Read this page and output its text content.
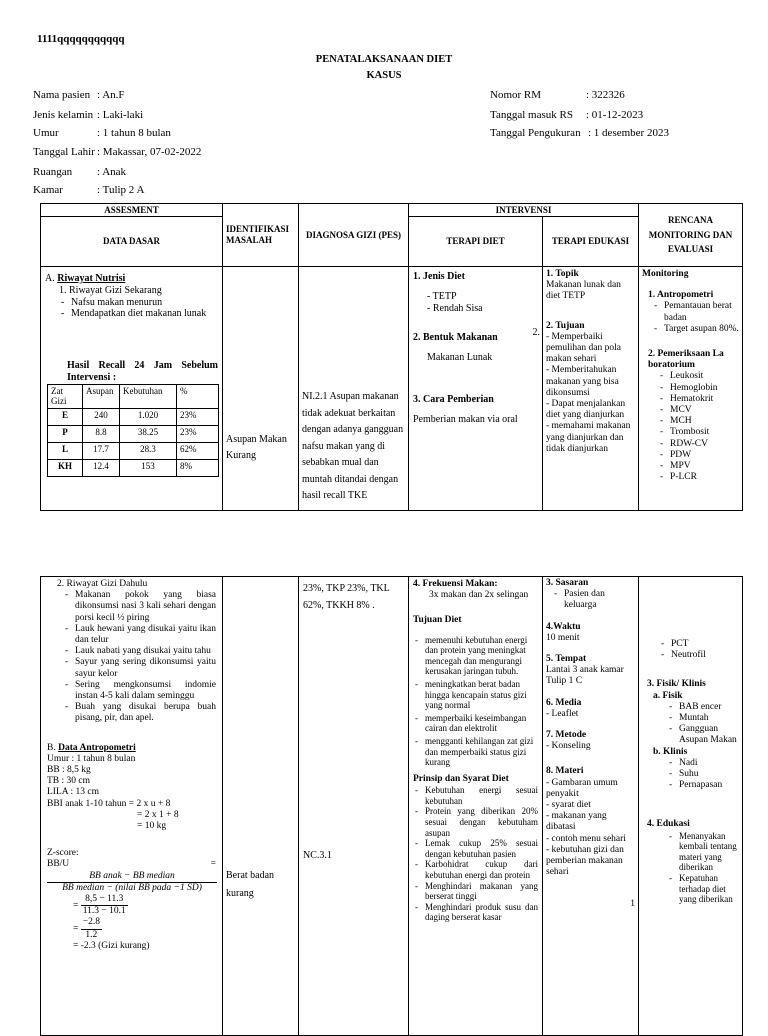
1111qqqqqqqqqqq
PENATALAKSANAAN DIET
KASUS
Nama pasien : An.F
Jenis kelamin : Laki-laki
Umur	: 1 tahun 8 bulan
Tanggal Lahir : Makassar, 07-02-2022
Ruangan : Anak
Kamar	: Tulip 2 A
Nomor RM	: 322326
Tanggal masuk RS : 01-12-2023
Tanggal Pengukuran : 1 desember 2023
ASSESMENT
DATA DASAR
IDENTIFIKASI MASALAH
DIAGNOSA GIZI (PES)
INTERVENSI
TERAPI DIET	TERAPI EDUKASI
RENCANA MONITORING DAN EVALUASI
A. Riwayat Nutrisi
1. Riwayat Gizi Sekarang
- Nafsu makan menurun
- Mendapatkan diet makanan lunak
Hasil Recall 24 Jam Sebelum Intervensi :
Zat Gizi	Asupan	Kebutuhan	%
E	240	1.020	23%
P	8.8	38.25	23%
L	17.7	28.3	62%
KH	12.4	153	8%
Asupan Makan Kurang
NI.2.1 Asupan makanan tidak adekuat berkaitan dengan adanya gangguan nafsu makan yang di sebabkan mual dan muntah ditandai dengan hasil recall TKE
1. Jenis Diet
- TETP
- Rendah Sisa
2.
2. Bentuk Makanan
Makanan Lunak
3. Cara Pemberian
Pemberian makan via oral
1. Topik
Makanan lunak dan diet TETP
2. Tujuan
- Memperbaiki pemulihan dan pola makan sehari
- Memberitahukan makanan yang bisa dikonsumsi
- Dapat menjalankan diet yang dianjurkan
- memahami makanan yang dianjurkan dan tidak dianjurkan
Monitoring
1. Antropometri
- Pemantauan berat badan
- Target asupan 80%.
2. Pemeriksaan La boratorium
- Leukosit
- Hemoglobin
- Hematokrit
- MCV
- MCH
- Trombosit
- RDW-CV
- PDW
- MPV
- P-LCR
2. Riwayat Gizi Dahulu
- Makanan pokok yang biasa dikonsumsi nasi 3 kali sehari dengan porsi kecil ½ piring
- Lauk hewani yang disukai yaitu ikan dan telur
- Lauk nabati yang disukai yaitu tahu
- Sayur yang sering dikonsumsi yaitu sayur kelor
- Sering mengkonsumsi indomie instan 4-5 kali dalam seminggu
- Buah yang disukai berupa buah pisang, pir, dan apel.
B. Data Antropometri
Umur : 1 tahun 8 bulan
BB : 8,5 kg
TB : 30 cm
LILA : 13 cm
BBI anak 1-10 tahun = 2 x u + 8
= 2 x 1 + 8
= 10 kg
Z-score:
BB/U	=
$\frac{\text{BB anak − BB median}}{\text{BB median − (nilai BB pada −1 SD)}}$
= $\frac{8,5 - 11.3}{11.3 - 10.1}$
= $\frac{-2.8}{1.2}$
= -2.3 (Gizi kurang)
Berat badan kurang
23%, TKP 23%, TKL 62%, TKKH 8% .
NC.3.1
4. Frekuensi Makan:
3x makan dan 2x selingan
Tujuan Diet
- memenuhi kebutuhan energi dan protein yang meningkat mencegah dan mengurangi kerusakan jaringan tubuh.
- meningkatkan berat badan hingga kencapain status gizi yang normal
- memperbaiki keseimbangan cairan dan elektrolit
- mengganti kehilangan zat gizi dan memperbaiki status gizi kurang
Prinsip dan Syarat Diet
- Kebutuhan energi sesuai kebutuhan
- Protein yang diberikan 20% sesuai dengan kebutuham asupan
- Lemak cukup 25% sesuai dengan kebutuhan pasien
- Karbohidrat cukup dari kebutuhan energi dan protein
- Menghindari makanan yang berserat tinggi
- Menghindari produk susu dan daging berserat kasar
3. Sasaran
- Pasien dan keluarga
4.Waktu
10 menit
5. Tempat
Lantai 3 anak kamar Tulip 1 C
6. Media
- Leaflet
7. Metode
- Konseling
8. Materi
- Gambaran umum penyakit
- syarat diet
- makanan yang dibatasi
- contoh menu sehari
- kebutuhan gizi dan pemberian makanan sehari
1
- PCT
- Neutrofil
3. Fisik/ Klinis
a. Fisik
- BAB encer
- Muntah
- Gangguan Asupan Makan
b. Klinis
- Nadi
- Suhu
- Pernapasan
4. Edukasi
- Menanyakan kembali tentang materi yang diberikan
- Kepatuhan terhadap diet yang diberikan
